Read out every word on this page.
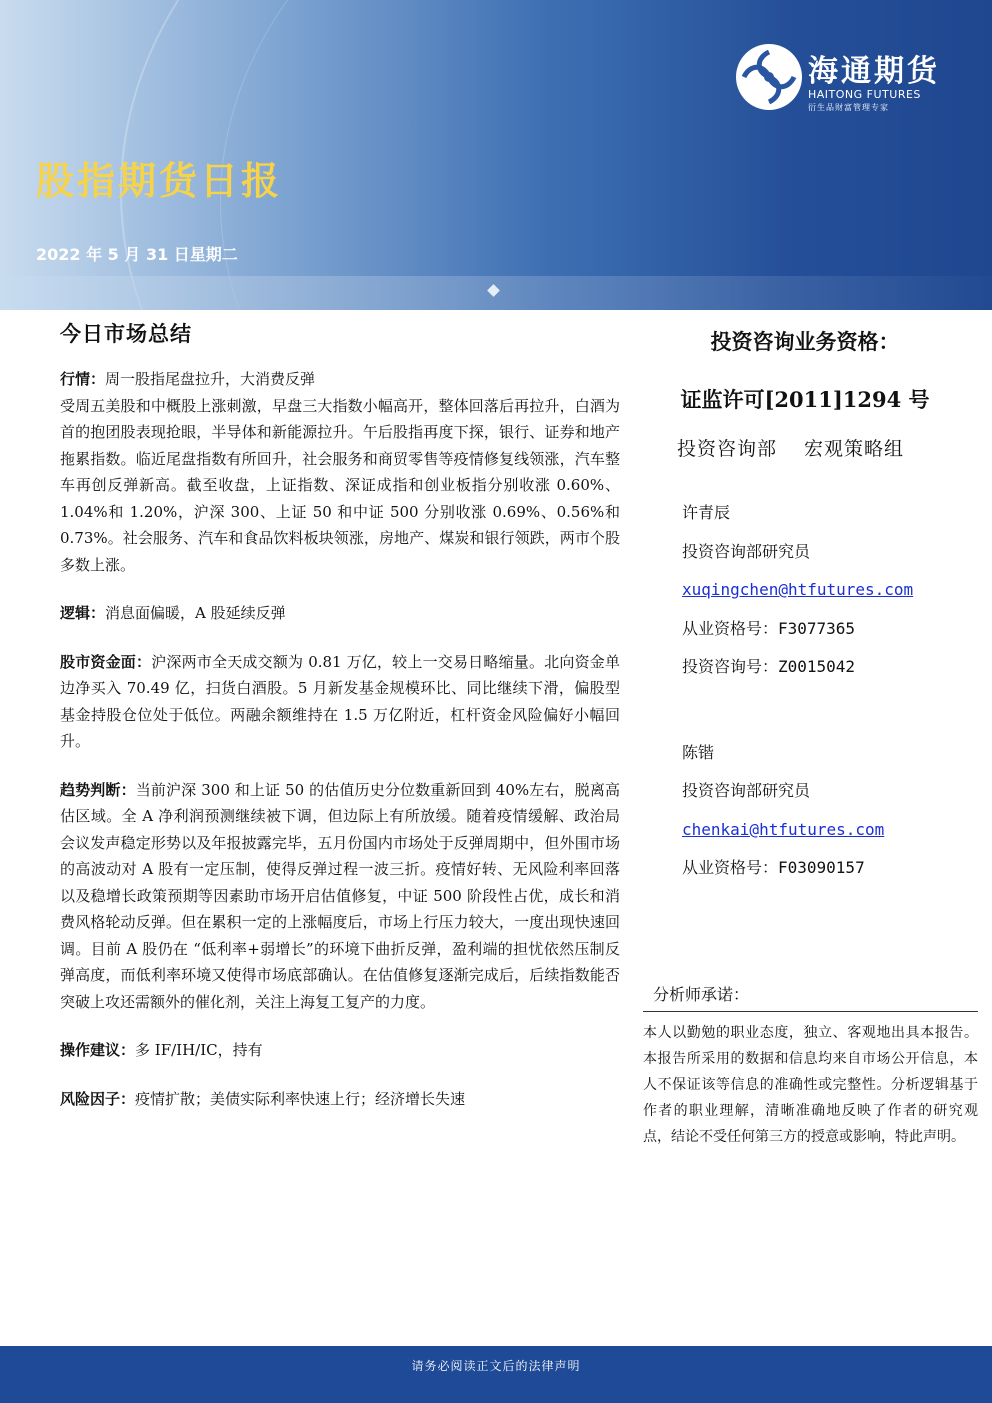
海通期货
HAITONG FUTURES
衍生品财富管理专家
股指期货日报
2022 年 5 月 31 日星期二
今日市场总结

行情：周一股指尾盘拉升，大消费反弹
受周五美股和中概股上涨刺激，早盘三大指数小幅高开，整体回落后再拉升，白酒为首的抱团股表现抢眼，半导体和新能源拉升。午后股指再度下探，银行、证券和地产拖累指数。临近尾盘指数有所回升，社会服务和商贸零售等疫情修复线领涨，汽车整车再创反弹新高。截至收盘，上证指数、深证成指和创业板指分别收涨 0.60%、1.04%和 1.20%，沪深 300、上证 50 和中证 500 分别收涨 0.69%、0.56%和 0.73%。社会服务、汽车和食品饮料板块领涨，房地产、煤炭和银行领跌，两市个股多数上涨。

逻辑：消息面偏暖，A 股延续反弹

股市资金面：沪深两市全天成交额为 0.81 万亿，较上一交易日略缩量。北向资金单边净买入 70.49 亿，扫货白酒股。5 月新发基金规模环比、同比继续下滑，偏股型基金持股仓位处于低位。两融余额维持在 1.5 万亿附近，杠杆资金风险偏好小幅回升。

趋势判断：当前沪深 300 和上证 50 的估值历史分位数重新回到 40%左右，脱离高估区域。全 A 净利润预测继续被下调，但边际上有所放缓。随着疫情缓解、政治局会议发声稳定形势以及年报披露完毕，五月份国内市场处于反弹周期中，但外围市场的高波动对 A 股有一定压制，使得反弹过程一波三折。疫情好转、无风险利率回落以及稳增长政策预期等因素助市场开启估值修复，中证 500 阶段性占优，成长和消费风格轮动反弹。但在累积一定的上涨幅度后，市场上行压力较大，一度出现快速回调。目前 A 股仍在 “低利率+弱增长”的环境下曲折反弹，盈利端的担忧依然压制反弹高度，而低利率环境又使得市场底部确认。在估值修复逐渐完成后，后续指数能否突破上攻还需额外的催化剂，关注上海复工复产的力度。

操作建议：多 IF/IH/IC，持有

风险因子：疫情扩散；美债实际利率快速上行；经济增长失速

投资咨询业务资格：
证监许可[2011]1294 号
投资咨询部　 宏观策略组
许青辰
投资咨询部研究员
xuqingchen@htfutures.com
从业资格号：F3077365
投资咨询号：Z0015042
陈锴
投资咨询部研究员
chenkai@htfutures.com
从业资格号：F03090157
分析师承诺：
本人以勤勉的职业态度，独立、客观地出具本报告。本报告所采用的数据和信息均来自市场公开信息，本人不保证该等信息的准确性或完整性。分析逻辑基于作者的职业理解，清晰准确地反映了作者的研究观点，结论不受任何第三方的授意或影响，特此声明。
请务必阅读正文后的法律声明
